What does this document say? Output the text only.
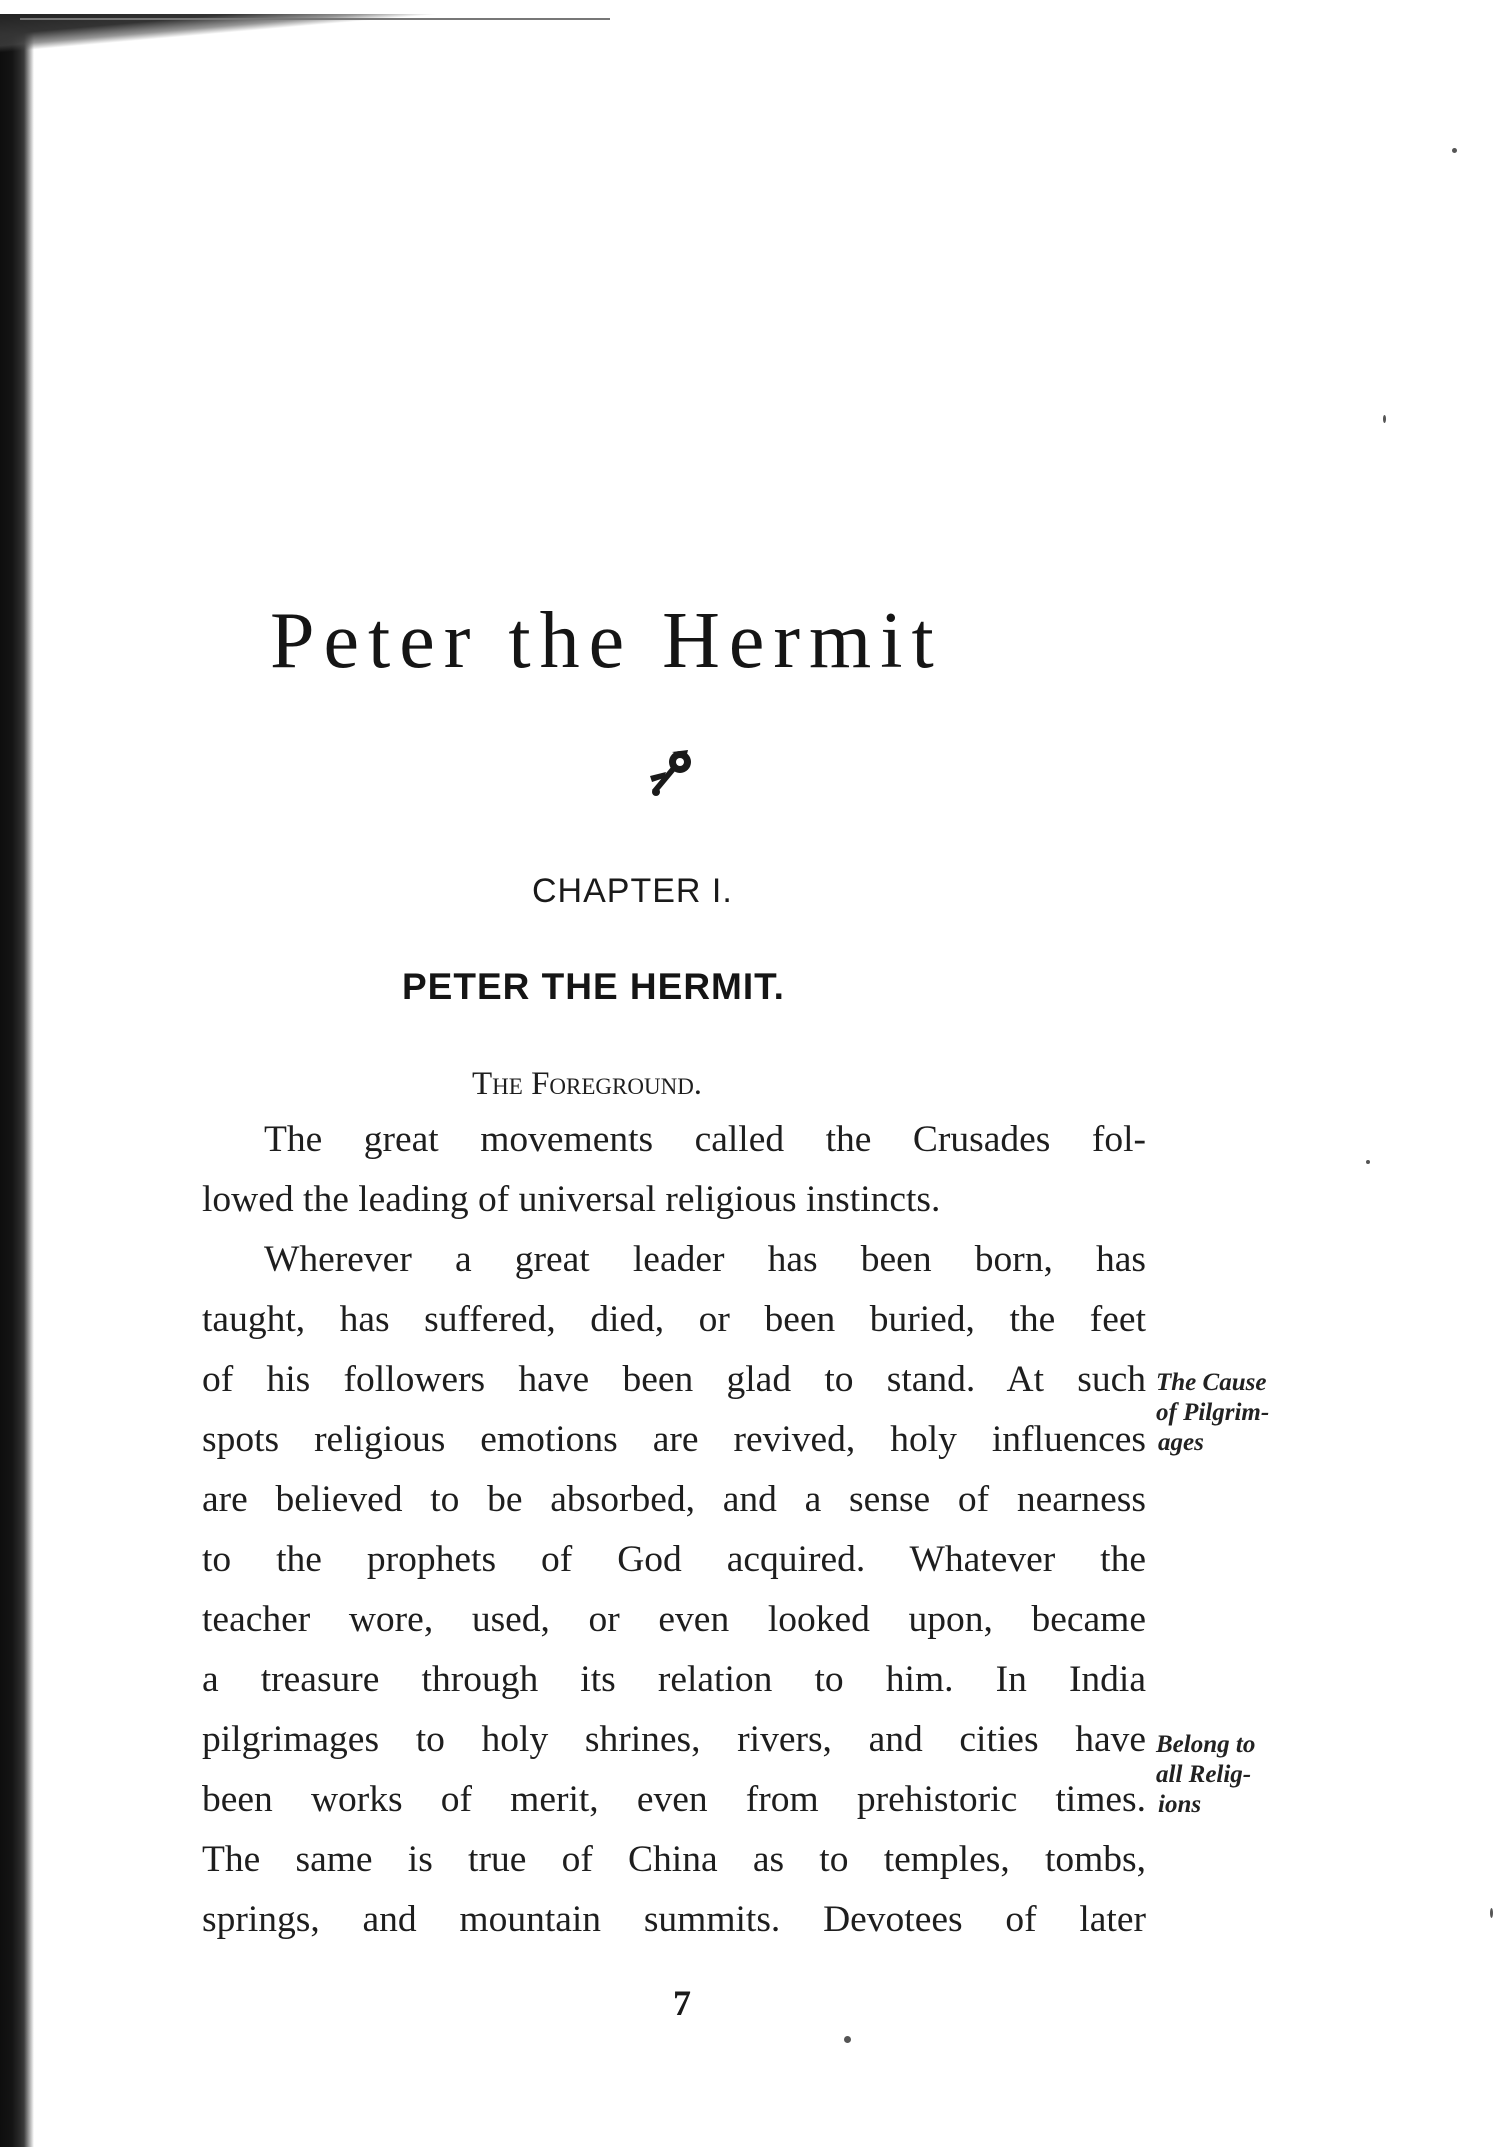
Peter the Hermit
CHAPTER I.
PETER THE HERMIT.
The Foreground.
The great movements called the Crusades fol-
lowed the leading of universal religious instincts.
Wherever a great leader has been born, has
taught, has suffered, died, or been buried, the feet
of his followers have been glad to stand. At such
spots religious emotions are revived, holy influences
are believed to be absorbed, and a sense of nearness
to the prophets of God acquired. Whatever the
teacher wore, used, or even looked upon, became
a treasure through its relation to him. In India
pilgrimages to holy shrines, rivers, and cities have
been works of merit, even from prehistoric times.
The same is true of China as to temples, tombs,
springs, and mountain summits. Devotees of later
The Cause
of Pilgrim-
ages
Belong to
all Relig-
ions
7
